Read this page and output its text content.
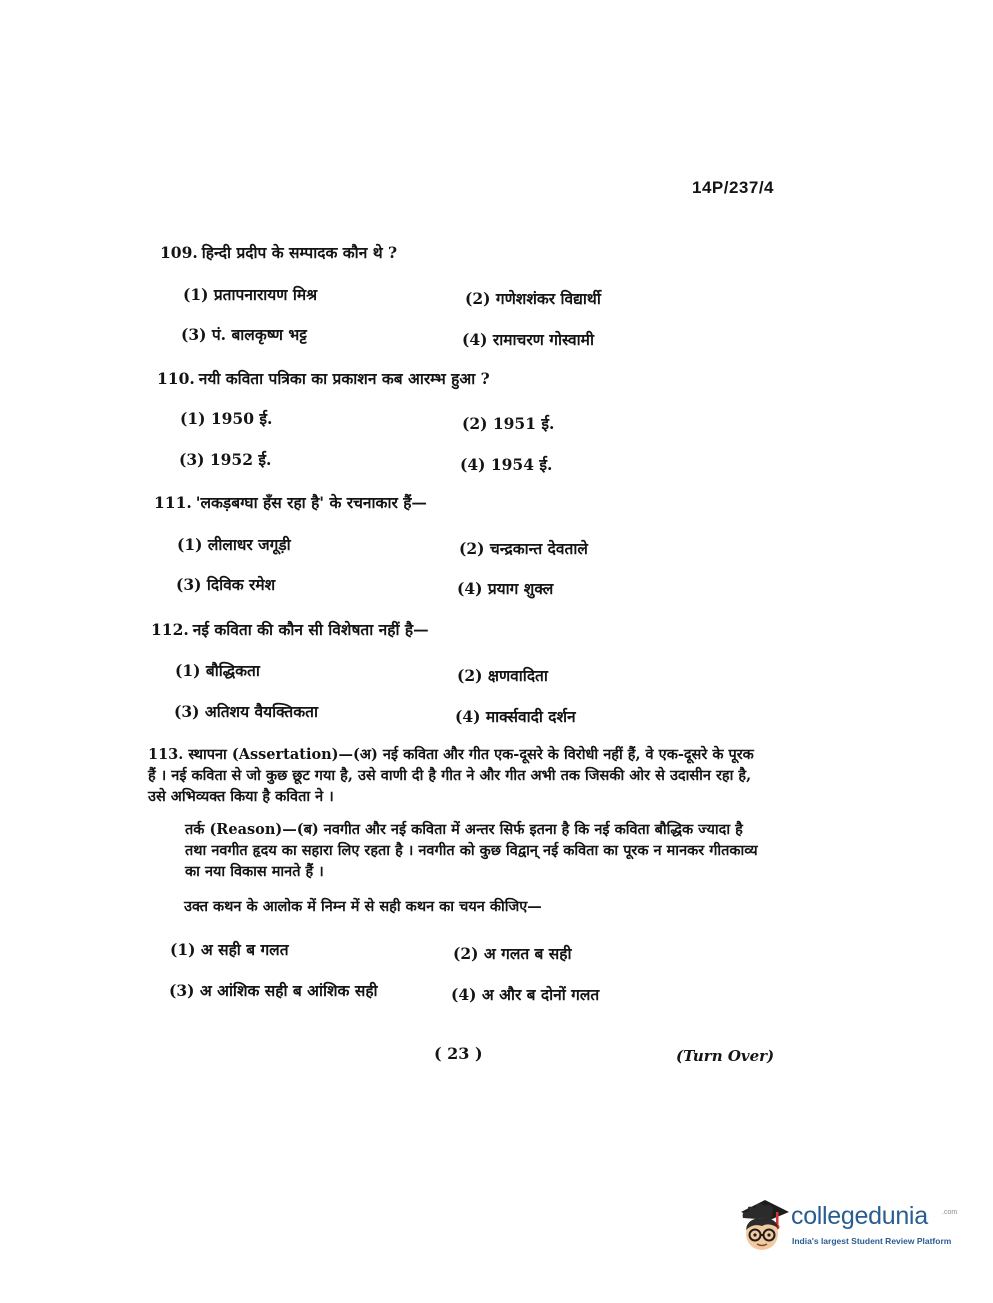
14P/237/4
109. हिन्दी प्रदीप के सम्पादक कौन थे ?
(1) प्रतापनारायण मिश्र	(2) गणेशशंकर विद्यार्थी
(3) पं. बालकृष्ण भट्ट	(4) रामाचरण गोस्वामी
110. नयी कविता पत्रिका का प्रकाशन कब आरम्भ हुआ ?
(1) 1950 ई.	(2) 1951 ई.
(3) 1952 ई.	(4) 1954 ई.
111. 'लकड़बग्घा हँस रहा है' के रचनाकार हैं—
(1) लीलाधर जगूड़ी	(2) चन्द्रकान्त देवताले
(3) दिविक रमेश	(4) प्रयाग शुक्ल
112. नई कविता की कौन सी विशेषता नहीं है—
(1) बौद्धिकता	(2) क्षणवादिता
(3) अतिशय वैयक्तिकता	(4) मार्क्सवादी दर्शन
113. स्थापना (Assertation)—(अ) नई कविता और गीत एक-दूसरे के विरोधी नहीं हैं, वे एक-दूसरे के पूरक हैं । नई कविता से जो कुछ छूट गया है, उसे वाणी दी है गीत ने और गीत अभी तक जिसकी ओर से उदासीन रहा है, उसे अभिव्यक्त किया है कविता ने ।
तर्क (Reason)—(ब) नवगीत और नई कविता में अन्तर सिर्फ इतना है कि नई कविता बौद्धिक ज्यादा है तथा नवगीत हृदय का सहारा लिए रहता है । नवगीत को कुछ विद्वान् नई कविता का पूरक न मानकर गीतकाव्य का नया विकास मानते हैं ।
उक्त कथन के आलोक में निम्न में से सही कथन का चयन कीजिए—
(1) अ सही ब गलत	(2) अ गलत ब सही
(3) अ आंशिक सही ब आंशिक सही	(4) अ और ब दोनों गलत
( 23 )	(Turn Over)
collegedunia .com
India's largest Student Review Platform
